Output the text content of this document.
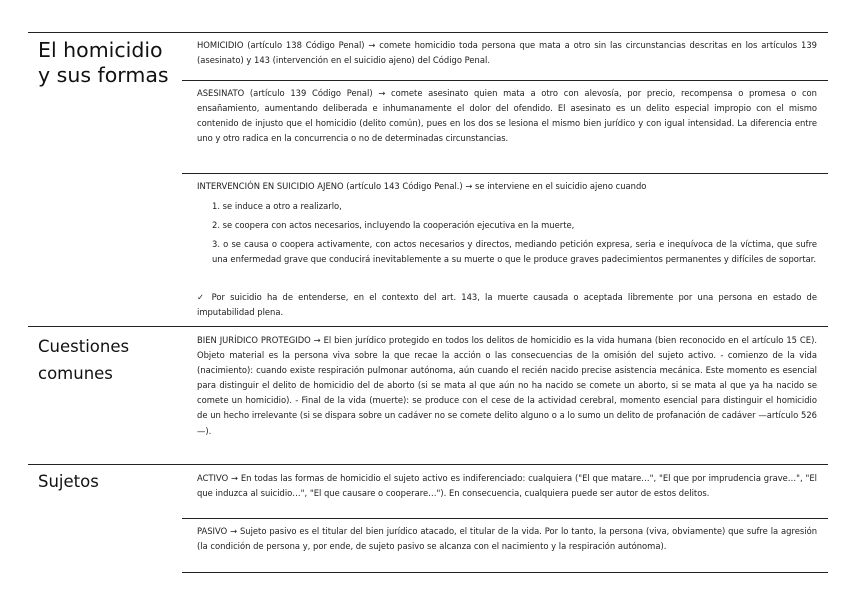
El homicidio y sus formas
Cuestiones comunes
Sujetos

HOMICIDIO (artículo 138 Código Penal) → comete homicidio toda persona que mata a otro sin las circunstancias descritas en los artículos 139 (asesinato) y 143 (intervención en el suicidio ajeno) del Código Penal.

ASESINATO (artículo 139 Código Penal) → comete asesinato quien mata a otro con alevosía, por precio, recompensa o promesa o con ensañamiento, aumentando deliberada e inhumanamente el dolor del ofendido. El asesinato es un delito especial impropio con el mismo contenido de injusto que el homicidio (delito común), pues en los dos se lesiona el mismo bien jurídico y con igual intensidad. La diferencia entre uno y otro radica en la concurrencia o no de determinadas circunstancias.

INTERVENCIÓN EN SUICIDIO AJENO (artículo 143 Código Penal.) → se interviene en el suicidio ajeno cuando

1. se induce a otro a realizarlo,
2. se coopera con actos necesarios, incluyendo la cooperación ejecutiva en la muerte,
3. o se causa o coopera activamente, con actos necesarios y directos, mediando petición expresa, seria e inequívoca de la víctima, que sufre una enfermedad grave que conducirá inevitablemente a su muerte o que le produce graves padecimientos permanentes y difíciles de soportar.

✓ Por suicidio ha de entenderse, en el contexto del art. 143, la muerte causada o aceptada libremente por una persona en estado de imputabilidad plena.

BIEN JURÍDICO PROTEGIDO → El bien jurídico protegido en todos los delitos de homicidio es la vida humana (bien reconocido en el artículo 15 CE). Objeto material es la persona viva sobre la que recae la acción o las consecuencias de la omisión del sujeto activo. - comienzo de la vida (nacimiento): cuando existe respiración pulmonar autónoma, aún cuando el recién nacido precise asistencia mecánica. Este momento es esencial para distinguir el delito de homicidio del de aborto (si se mata al que aún no ha nacido se comete un aborto, si se mata al que ya ha nacido se comete un homicidio). - Final de la vida (muerte): se produce con el cese de la actividad cerebral, momento esencial para distinguir el homicidio de un hecho irrelevante (si se dispara sobre un cadáver no se comete delito alguno o a lo sumo un delito de profanación de cadáver —artículo 526—).

ACTIVO → En todas las formas de homicidio el sujeto activo es indiferenciado: cualquiera ("El que matare…", "El que por imprudencia grave…", "El que induzca al suicidio…", "El que causare o cooperare…"). En consecuencia, cualquiera puede ser autor de estos delitos.

PASIVO → Sujeto pasivo es el titular del bien jurídico atacado, el titular de la vida. Por lo tanto, la persona (viva, obviamente) que sufre la agresión (la condición de persona y, por ende, de sujeto pasivo se alcanza con el nacimiento y la respiración autónoma).
